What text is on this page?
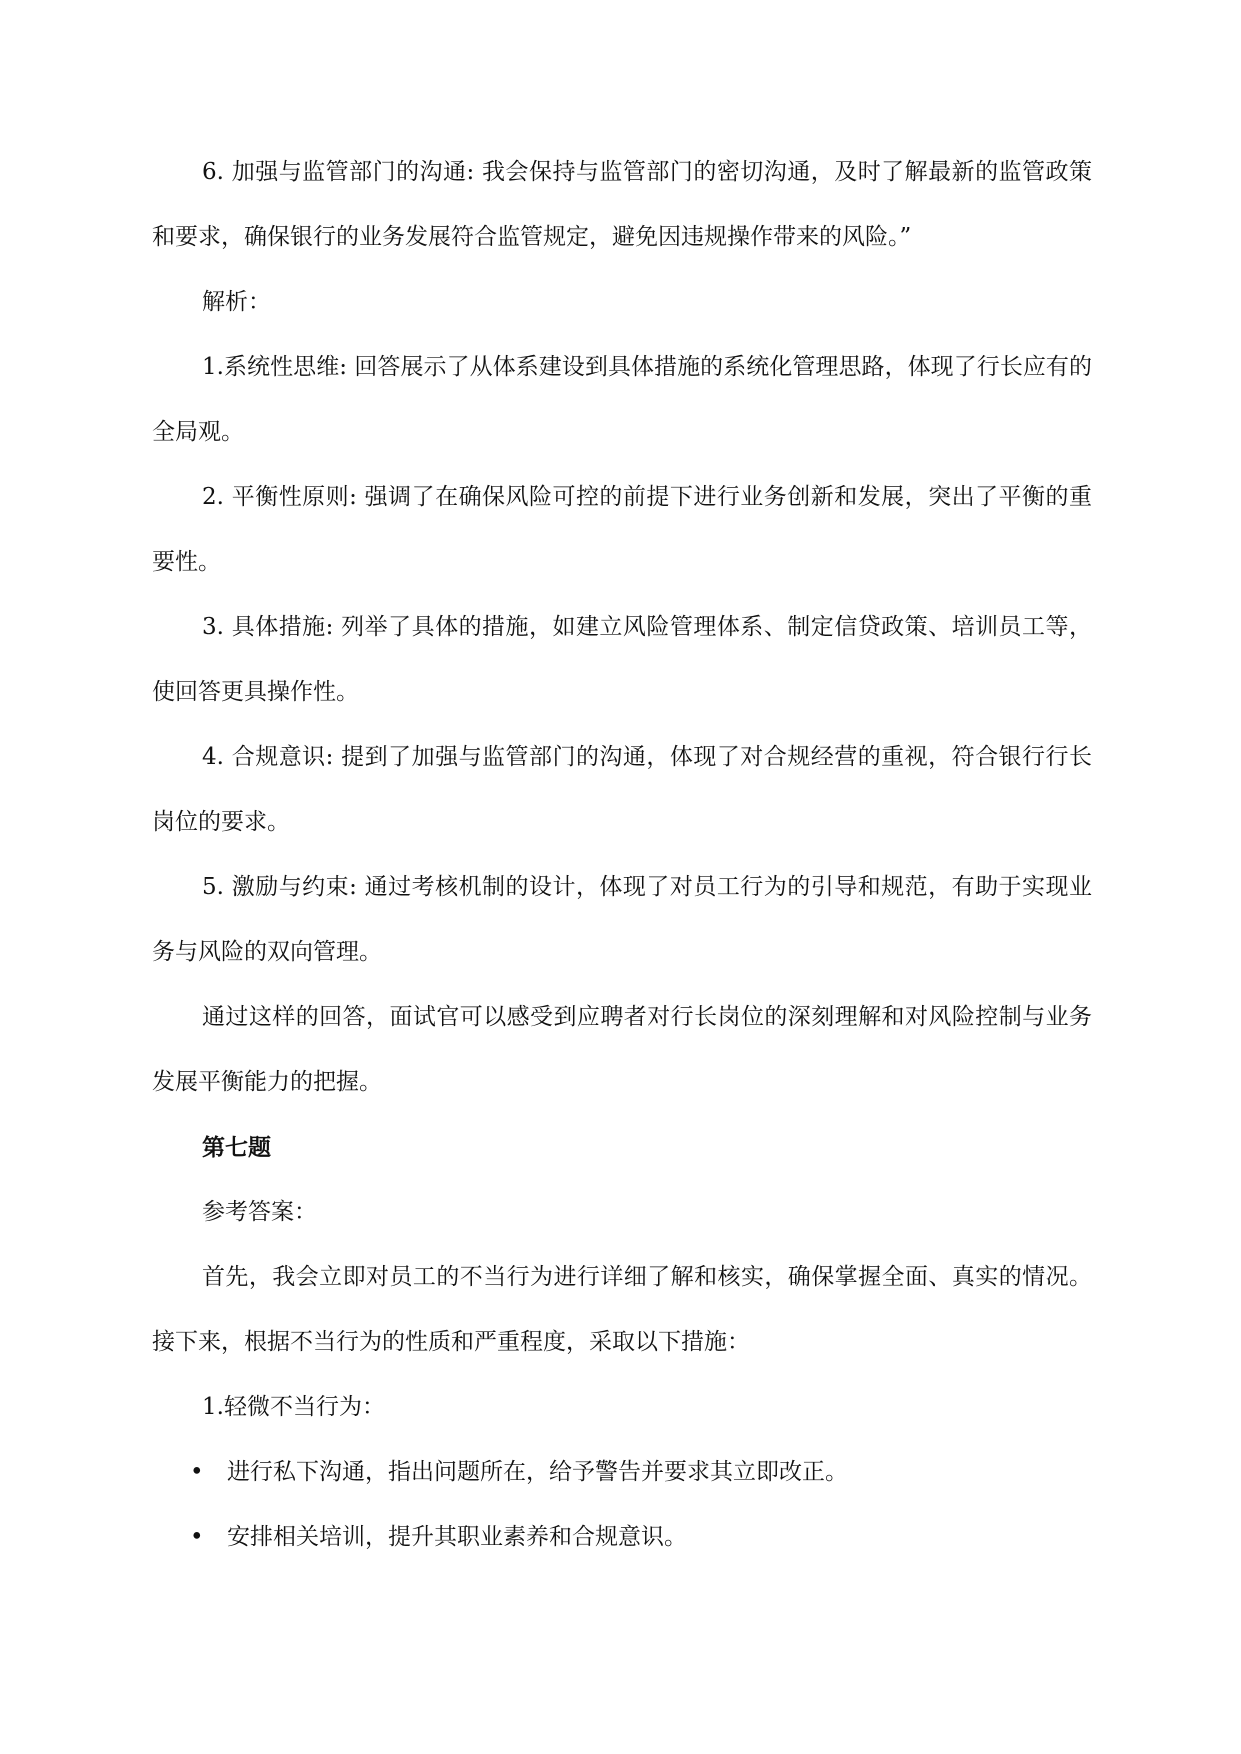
6. 加强与监管部门的沟通: 我会保持与监管部门的密切沟通，及时了解最新的监管政策和要求，确保银行的业务发展符合监管规定，避免因违规操作带来的风险。”

解析：

1.系统性思维: 回答展示了从体系建设到具体措施的系统化管理思路，体现了行长应有的全局观。

2. 平衡性原则: 强调了在确保风险可控的前提下进行业务创新和发展，突出了平衡的重要性。

3. 具体措施: 列举了具体的措施，如建立风险管理体系、制定信贷政策、培训员工等，使回答更具操作性。

4. 合规意识: 提到了加强与监管部门的沟通，体现了对合规经营的重视，符合银行行长岗位的要求。

5. 激励与约束: 通过考核机制的设计，体现了对员工行为的引导和规范，有助于实现业务与风险的双向管理。

通过这样的回答，面试官可以感受到应聘者对行长岗位的深刻理解和对风险控制与业务发展平衡能力的把握。

第七题

参考答案：

首先，我会立即对员工的不当行为进行详细了解和核实，确保掌握全面、真实的情况。接下来，根据不当行为的性质和严重程度，采取以下措施：

1.轻微不当行为：

• 进行私下沟通，指出问题所在，给予警告并要求其立即改正。
• 安排相关培训，提升其职业素养和合规意识。
